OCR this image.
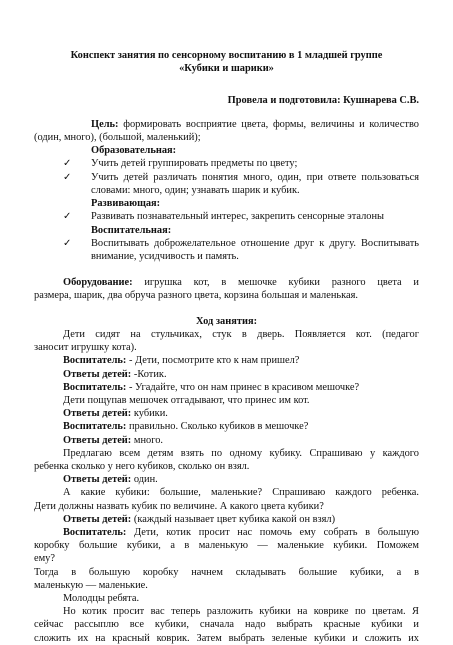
Конспект занятия по сенсорному воспитанию в 1 младшей группе
«Кубики и шарики»
Провела и подготовила: Кушнарева С.В.
Цель: формировать восприятие цвета, формы, величины и количество
(один, много), (большой, маленький);
Образовательная:
✓ Учить детей группировать предметы по цвету;
✓ Учить детей различать понятия много, один, при ответе пользоваться
словами: много, один; узнавать шарик и кубик.
Развивающая:
✓ Развивать познавательный интерес, закрепить сенсорные эталоны
Воспитательная:
✓ Воспитывать доброжелательное отношение друг к другу. Воспитывать
внимание, усидчивость и память.
Оборудование: игрушка кот, в мешочке кубики разного цвета и
размера, шарик, два обруча разного цвета, корзина большая и маленькая.
Ход занятия:
Дети сидят на стульчиках, стук в дверь. Появляется кот. (педагог
заносит игрушку кота).
Воспитатель: - Дети, посмотрите кто к нам пришел?
Ответы детей: -Котик.
Воспитатель: - Угадайте, что он нам принес в красивом мешочке?
Дети пощупав мешочек отгадывают, что принес им кот.
Ответы детей: кубики.
Воспитатель: правильно. Сколько кубиков в мешочке?
Ответы детей: много.
Предлагаю всем детям взять по одному кубику. Спрашиваю у каждого
ребенка сколько у него кубиков, сколько он взял.
Ответы детей: один.
А какие кубики: большие, маленькие? Спрашиваю каждого ребенка.
Дети должны назвать кубик по величине. А какого цвета кубики?
Ответы детей: (каждый называет цвет кубика какой он взял)
Воспитатель: Дети, котик просит нас помочь ему собрать в большую
коробку большие кубики, а в маленькую — маленькие кубики. Поможем
ему?
Тогда в большую коробку начнем складывать большие кубики, а в
маленькую — маленькие.
Молодцы ребята.
Но котик просит вас теперь разложить кубики на коврике по цветам. Я
сейчас рассыплю все кубики, сначала надо выбрать красные кубики и
сложить их на красный коврик. Затем выбрать зеленые кубики и сложить их
